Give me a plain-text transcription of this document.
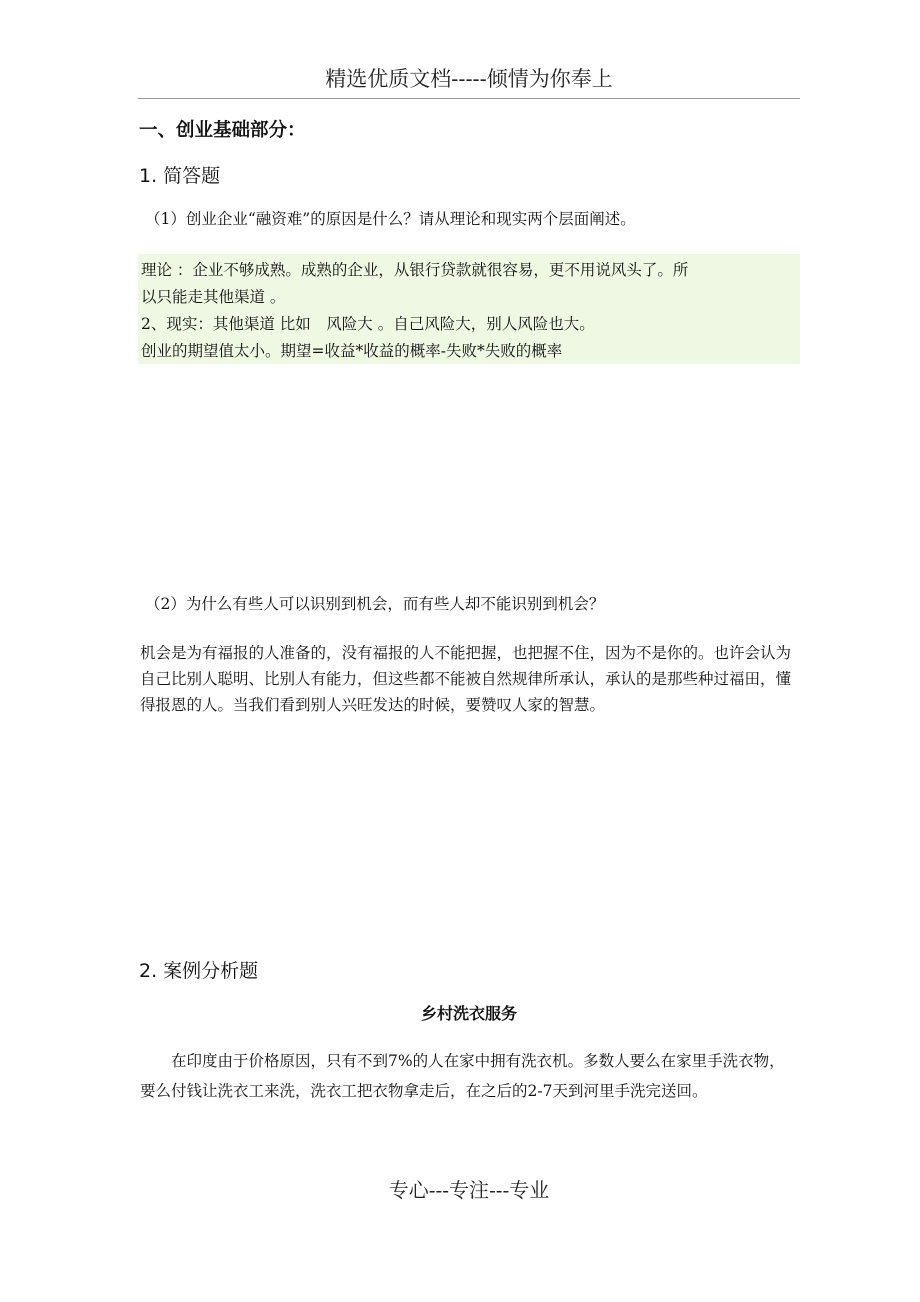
精选优质文档-----倾情为你奉上
一、创业基础部分：
1. 简答题
（1）创业企业“融资难”的原因是什么？请从理论和现实两个层面阐述。
理论 ：企业不够成熟。成熟的企业，从银行贷款就很容易，更不用说风头了。所
以只能走其他渠道 。
2、现实：其他渠道 比如　风险大 。自己风险大，别人风险也大。
创业的期望值太小。期望=收益*收益的概率-失败*失败的概率
（2）为什么有些人可以识别到机会，而有些人却不能识别到机会？
机会是为有福报的人准备的，没有福报的人不能把握，也把握不住，因为不是你的。也许会认为自己比别人聪明、比别人有能力，但这些都不能被自然规律所承认，承认的是那些种过福田，懂得报恩的人。当我们看到别人兴旺发达的时候，要赞叹人家的智慧。
2. 案例分析题
乡村洗衣服务
在印度由于价格原因，只有不到7%的人在家中拥有洗衣机。多数人要么在家里手洗衣物，要么付钱让洗衣工来洗，洗衣工把衣物拿走后，在之后的2-7天到河里手洗完送回。
专心---专注---专业
